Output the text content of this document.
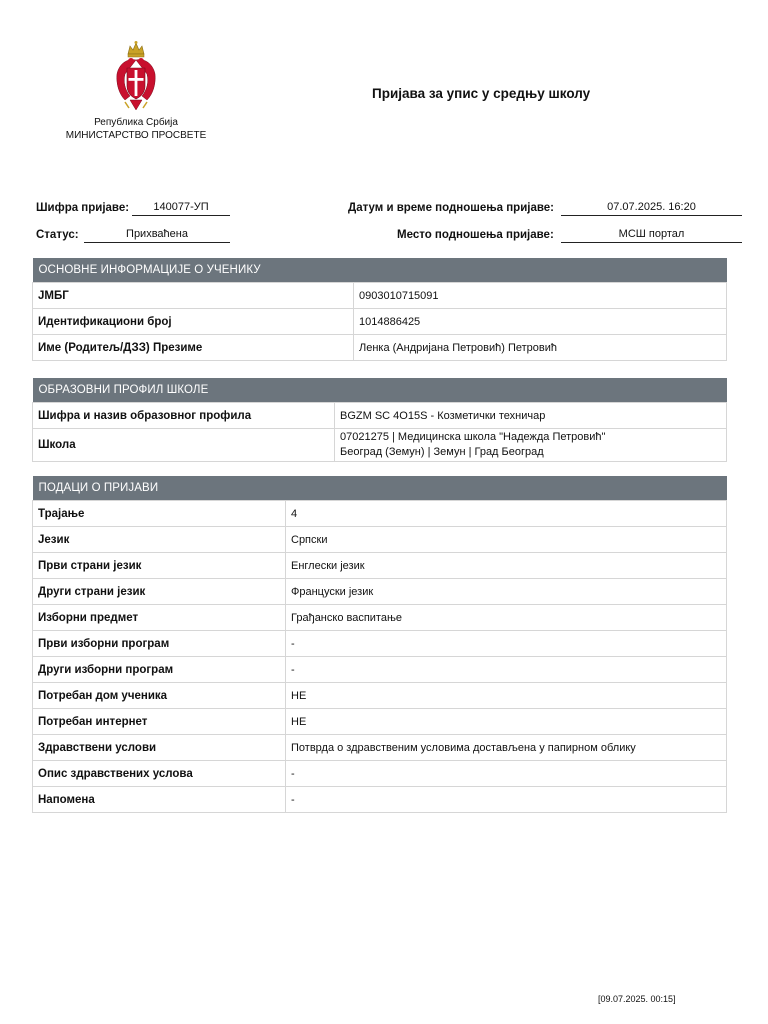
Република Србија
МИНИСТАРСТВО ПРОСВЕТЕ
Пријава за упис у средњу школу
Шифра пријаве:	140077-УП
Статус:	Прихваћена
Датум и време подношења пријаве:	07.07.2025. 16:20
Место подношења пријаве:	МСШ портал
ОСНОВНЕ ИНФОРМАЦИЈЕ О УЧЕНИКУ	
ЈМБГ	0903010715091
Идентификациони број	1014886425
Име (Родитељ/ДЗЗ) Презиме	Ленка (Андријана Петровић) Петровић
ОБРАЗОВНИ ПРОФИЛ ШКОЛЕ	
Шифра и назив образовног профила	BGZM SC 4O15S - Козметички техничар
Школа	07021275 | Медицинска школа "Надежда Петровић"
Београд (Земун) | Земун | Град Београд
ПОДАЦИ О ПРИЈАВИ	
Трајање	4
Језик	Српски
Први страни језик	Енглески језик
Други страни језик	Француски језик
Изборни предмет	Грађанско васпитање
Први изборни програм	-
Други изборни програм	-
Потребан дом ученика	НЕ
Потребан интернет	НЕ
Здравствени услови	Потврда о здравственим условима достављена у папирном облику
Опис здравствених услова	-
Напомена	-
[09.07.2025. 00:15]
